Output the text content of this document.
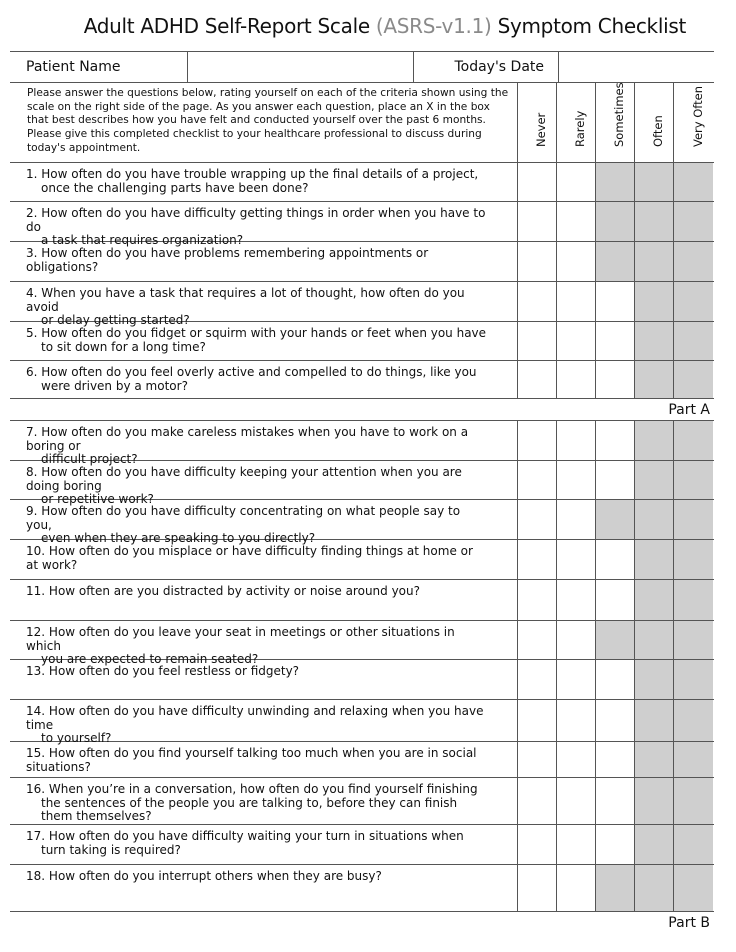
Adult ADHD Self-Report Scale (ASRS-v1.1) Symptom Checklist
Patient Name	Today's Date
Please answer the questions below, rating yourself on each of the criteria shown using the scale on the right side of the page. As you answer each question, place an X in the box that best describes how you have felt and conducted yourself over the past 6 months. Please give this completed checklist to your healthcare professional to discuss during today's appointment.
Never Rarely Sometimes Often Very Often
1. How often do you have trouble wrapping up the final details of a project,
once the challenging parts have been done?
2. How often do you have difficulty getting things in order when you have to do
a task that requires organization?
3. How often do you have problems remembering appointments or obligations?
4. When you have a task that requires a lot of thought, how often do you avoid
or delay getting started?
5. How often do you fidget or squirm with your hands or feet when you have
to sit down for a long time?
6. How often do you feel overly active and compelled to do things, like you
were driven by a motor?
Part A
7. How often do you make careless mistakes when you have to work on a boring or
difficult project?
8. How often do you have difficulty keeping your attention when you are doing boring
or repetitive work?
9. How often do you have difficulty concentrating on what people say to you,
even when they are speaking to you directly?
10. How often do you misplace or have difficulty finding things at home or at work?
11. How often are you distracted by activity or noise around you?
12. How often do you leave your seat in meetings or other situations in which
you are expected to remain seated?
13. How often do you feel restless or fidgety?
14. How often do you have difficulty unwinding and relaxing when you have time
to yourself?
15. How often do you find yourself talking too much when you are in social situations?
16. When you’re in a conversation, how often do you find yourself finishing
the sentences of the people you are talking to, before they can finish
them themselves?
17. How often do you have difficulty waiting your turn in situations when
turn taking is required?
18. How often do you interrupt others when they are busy?
Part B
